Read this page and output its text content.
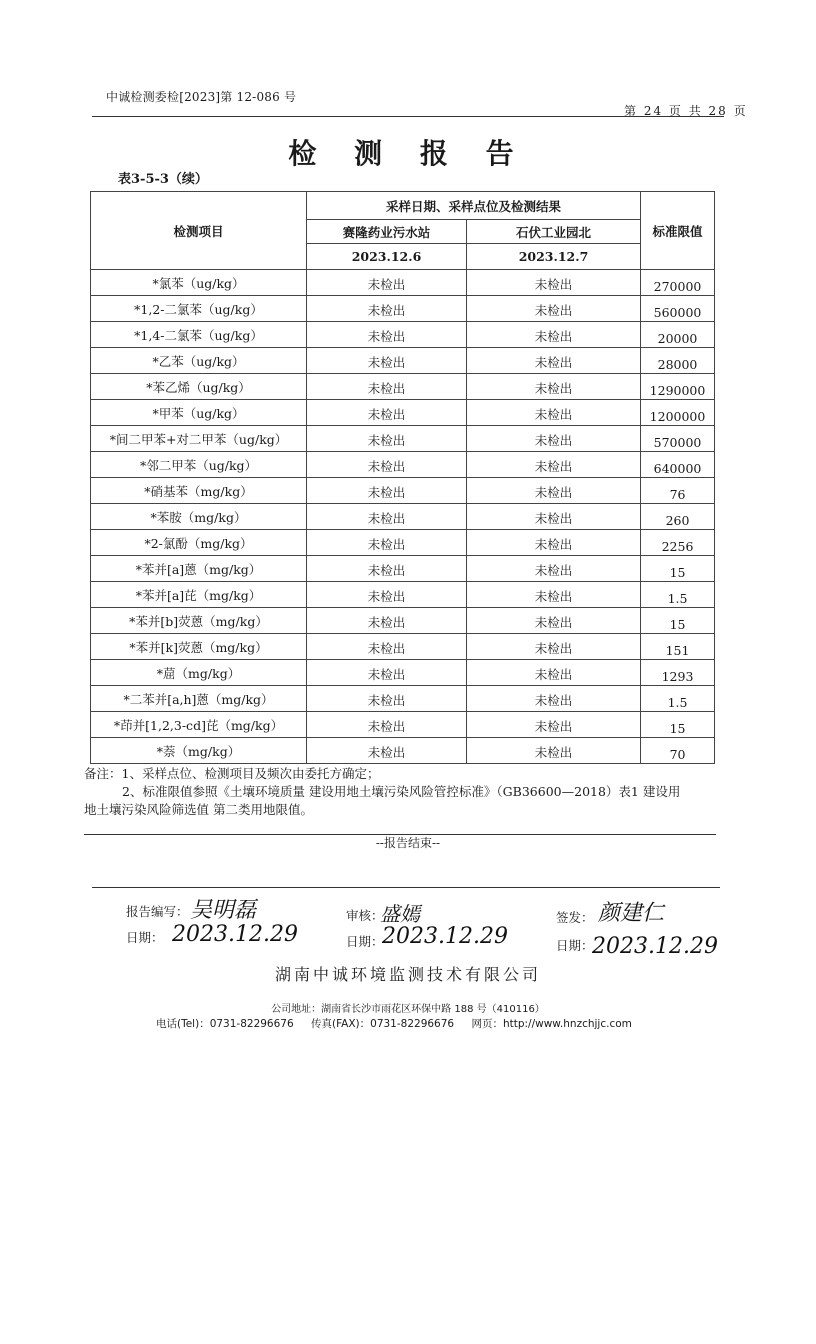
中诚检测委检[2023]第 12-086 号
第 24 页 共 28 页
检 测 报 告
表3-5-3（续）
检测项目	采样日期、采样点位及检测结果		标准限值
	赛隆药业污水站	石伏工业园北	
	2023.12.6	2023.12.7	
*氯苯（ug/kg）	未检出	未检出	270000
*1,2-二氯苯（ug/kg）	未检出	未检出	560000
*1,4-二氯苯（ug/kg）	未检出	未检出	20000
*乙苯（ug/kg）	未检出	未检出	28000
*苯乙烯（ug/kg）	未检出	未检出	1290000
*甲苯（ug/kg）	未检出	未检出	1200000
*间二甲苯+对二甲苯（ug/kg）	未检出	未检出	570000
*邻二甲苯（ug/kg）	未检出	未检出	640000
*硝基苯（mg/kg）	未检出	未检出	76
*苯胺（mg/kg）	未检出	未检出	260
*2-氯酚（mg/kg）	未检出	未检出	2256
*苯并[a]蒽（mg/kg）	未检出	未检出	15
*苯并[a]芘（mg/kg）	未检出	未检出	1.5
*苯并[b]荧蒽（mg/kg）	未检出	未检出	15
*苯并[k]荧蒽（mg/kg）	未检出	未检出	151
*䓛（mg/kg）	未检出	未检出	1293
*二苯并[a,h]蒽（mg/kg）	未检出	未检出	1.5
*茚并[1,2,3-cd]芘（mg/kg）	未检出	未检出	15
*萘（mg/kg）	未检出	未检出	70
备注：1、采样点位、检测项目及频次由委托方确定；
2、标准限值参照《土壤环境质量 建设用地土壤污染风险管控标准》（GB36600—2018）表1 建设用
地土壤污染风险筛选值 第二类用地限值。
--报告结束--
报告编写： 吴明磊
日期： 2023.12.29
审核：
盛嫣
日期：
2023.12.29
签发： 颜建仁
日期：
2023.12.29
湖南中诚环境监测技术有限公司
公司地址：湖南省长沙市雨花区环保中路 188 号（410116）
电话(Tel)：0731-82296676 传真(FAX)：0731-82296676 网页：http://www.hnzchjjc.com
